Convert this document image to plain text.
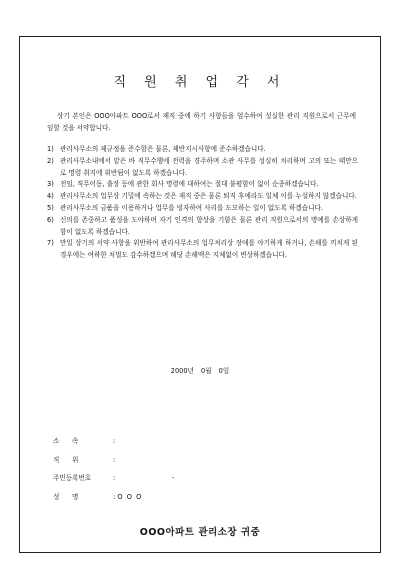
직 원 취 업 각 서
상기 본인은 OOO아파트 OOO로서 재직 중에 하기 사항들을 엄수하여 성실한 관리 직원으로서 근무에 임할 것을 서약합니다.
1) 관리사무소의 제규정을 준수함은 물론, 제반지시사항에 준수하겠습니다.
2) 관리사무소내에서 맡은 바 직무수행에 전력을 경주하며 소관 사무를 성실히 처리하며 고의 또는 태만으로 명령 취지에 위반됨이 없도록 하겠습니다.
3) 전임, 직무이동, 출장 등에 관한 회사 명령에 대하여는 절대 불평함이 없이 순종하겠습니다.
4) 관리사무소의 업무상 기밀에 속하는 것은 재직 중은 물론 퇴직 후에라도 일체 이를 누설하지 않겠습니다.
5) 관리사무소의 금품을 이용하거나 업무를 빙자하여 사리를 도모하는 일이 없도록 하겠습니다.
6) 신의를 존중하고 품성을 도야하며 자기 인격의 향상을 기함은 물론 관리 직원으로서의 명예를 손상하게 함이 없도록 하겠습니다.
7) 만일 상기의 서약 사항을 위반하여 관리사무소의 업무처리상 장애를 야기하게 하거나, 손해를 끼치게 된 경우에는 여하한 처벌도 감수하겠으며 해당 손해액은 지체없이 변상하겠습니다.
2000년 0월 0일
소      속	:
직      위	:
주민등록번호	:                           -
성      명	: O  O  O
OOO아파트 관리소장 귀중
